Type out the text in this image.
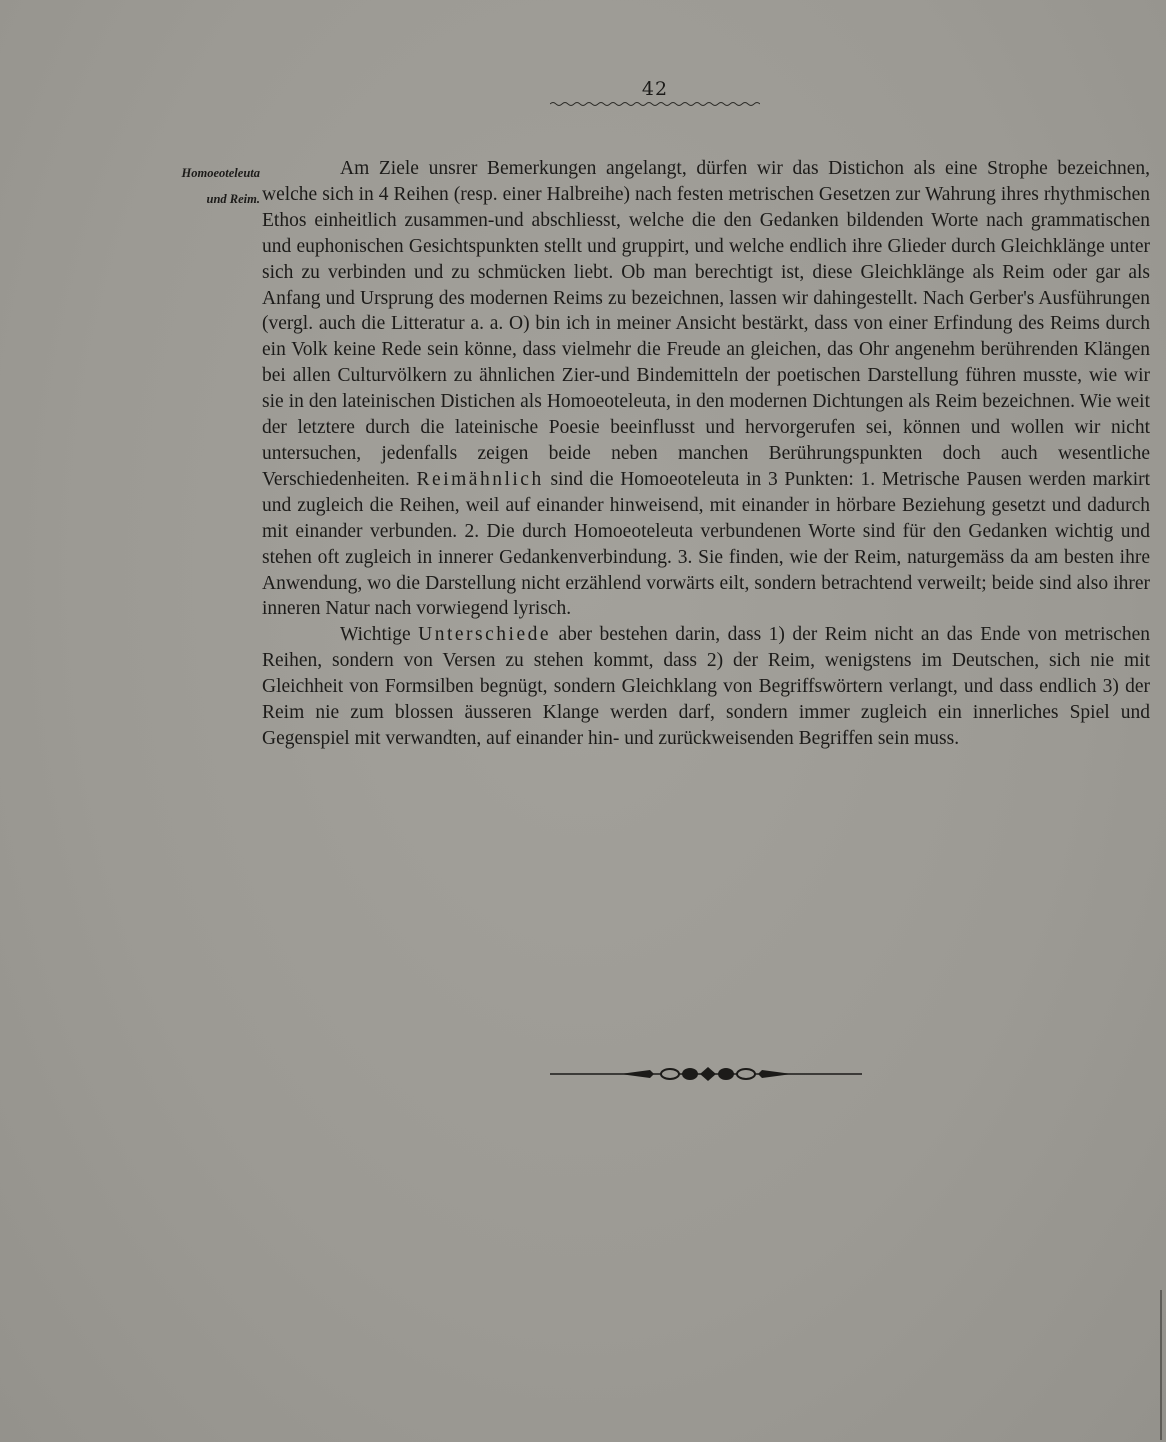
42
Homoeoteleuta
und Reim.

Am Ziele unsrer Bemerkungen angelangt, dürfen wir das Distichon als eine Strophe bezeichnen, welche sich in 4 Reihen (resp. einer Halbreihe) nach festen metrischen Gesetzen zur Wahrung ihres rhythmischen Ethos einheitlich zusammen-und abschliesst, welche die den Gedanken bildenden Worte nach grammatischen und euphonischen Gesichtspunkten stellt und gruppirt, und welche endlich ihre Glieder durch Gleichklänge unter sich zu verbinden und zu schmücken liebt. Ob man berechtigt ist, diese Gleichklänge als Reim oder gar als Anfang und Ursprung des modernen Reims zu bezeichnen, lassen wir dahingestellt. Nach Gerber's Ausführungen (vergl. auch die Litteratur a. a. O) bin ich in meiner Ansicht bestärkt, dass von einer Erfindung des Reims durch ein Volk keine Rede sein könne, dass vielmehr die Freude an gleichen, das Ohr angenehm berührenden Klängen bei allen Culturvölkern zu ähnlichen Zier-und Bindemitteln der poetischen Darstellung führen musste, wie wir sie in den lateinischen Distichen als Homoeoteleuta, in den modernen Dichtungen als Reim bezeichnen. Wie weit der letztere durch die lateinische Poesie beeinflusst und hervorgerufen sei, können und wollen wir nicht untersuchen, jedenfalls zeigen beide neben manchen Berührungspunkten doch auch wesentliche Verschiedenheiten. Reimähnlich sind die Homoeoteleuta in 3 Punkten: 1. Metrische Pausen werden markirt und zugleich die Reihen, weil auf einander hinweisend, mit einander in hörbare Beziehung gesetzt und dadurch mit einander verbunden. 2. Die durch Homoeoteleuta verbundenen Worte sind für den Gedanken wichtig und stehen oft zugleich in innerer Gedankenverbindung. 3. Sie finden, wie der Reim, naturgemäss da am besten ihre Anwendung, wo die Darstellung nicht erzählend vorwärts eilt, sondern betrachtend verweilt; beide sind also ihrer inneren Natur nach vorwiegend lyrisch.

Wichtige Unterschiede aber bestehen darin, dass 1) der Reim nicht an das Ende von metrischen Reihen, sondern von Versen zu stehen kommt, dass 2) der Reim, wenigstens im Deutschen, sich nie mit Gleichheit von Formsilben begnügt, sondern Gleichklang von Begriffswörtern verlangt, und dass endlich 3) der Reim nie zum blossen äusseren Klange werden darf, sondern immer zugleich ein innerliches Spiel und Gegenspiel mit verwandten, auf einander hin- und zurückweisenden Begriffen sein muss.
